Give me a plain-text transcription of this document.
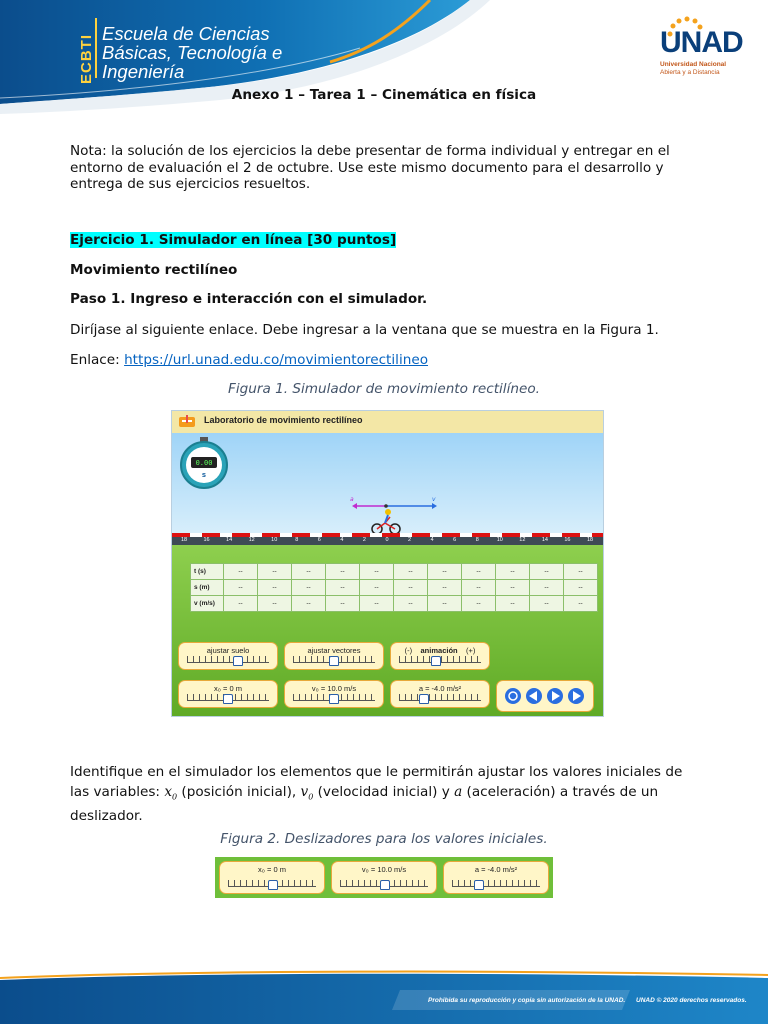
ECBTI
Escuela de Ciencias
Básicas, Tecnología e
Ingeniería
UNAD
Universidad Nacional
Abierta y a Distancia
Anexo 1 – Tarea 1 – Cinemática en física
Nota: la solución de los ejercicios la debe presentar de forma individual y entregar en el entorno de evaluación el 2 de octubre. Use este mismo documento para el desarrollo y entrega de sus ejercicios resueltos.
Ejercicio 1. Simulador en línea [30 puntos]
Movimiento rectilíneo
Paso 1. Ingreso e interacción con el simulador.
Diríjase al siguiente enlace. Debe ingresar a la ventana que se muestra en la Figura 1.
Enlace: https://url.unad.edu.co/movimientorectilineo
Figura 1. Simulador de movimiento rectilíneo.
Laboratorio de movimiento rectilíneo
0.00
s
a	v
18	16	14	12	10	8	6	4	2	0	2	4	6	8	10	12	14	16	18
t (s)	--	--	--	--	--	--	--	--	--	--	--
s (m)	--	--	--	--	--	--	--	--	--	--	--
v (m/s)	--	--	--	--	--	--	--	--	--	--	--
ajustar suelo	ajustar vectores	(-) animación (+)
x₀ = 0 m	v₀ = 10.0 m/s	a = -4.0 m/s²
Identifique en el simulador los elementos que le permitirán ajustar los valores iniciales de las variables: $x_0$ (posición inicial), $v_0$ (velocidad inicial) y a (aceleración) a través de un deslizador.
Figura 2. Deslizadores para los valores iniciales.
x₀ = 0 m	v₀ = 10.0 m/s	a = -4.0 m/s²
Prohibida su reproducción y copia sin autorización de la UNAD. UNAD © 2020 derechos reservados.
